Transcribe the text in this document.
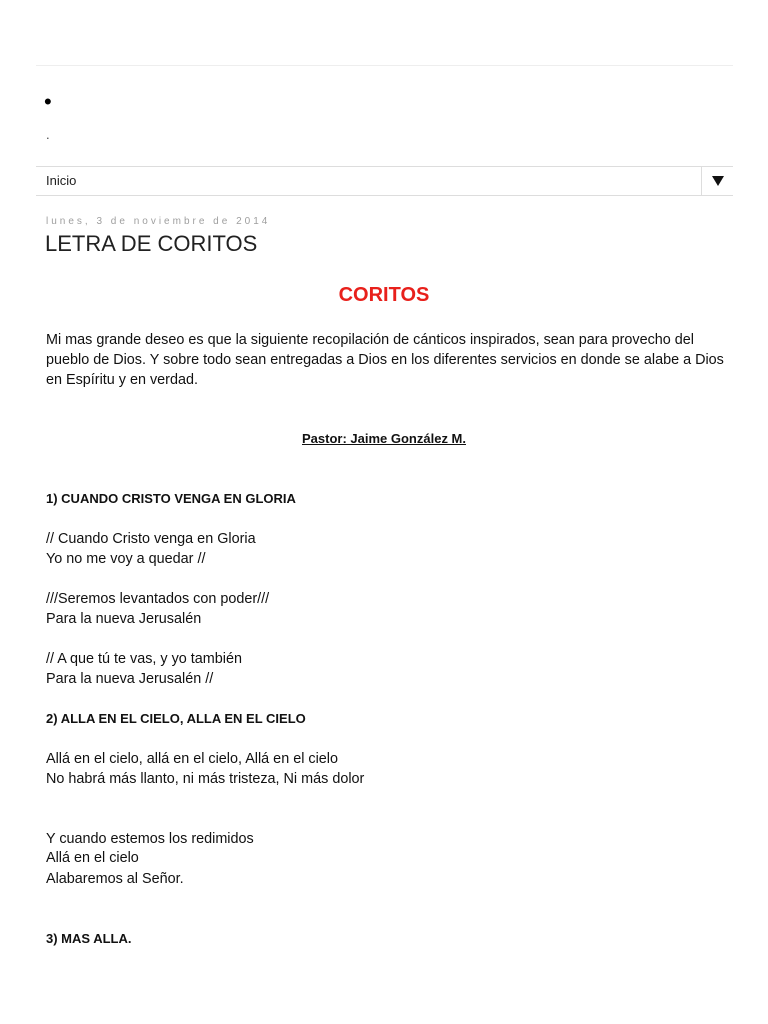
•
.
Inicio
lunes, 3 de noviembre de 2014
LETRA DE CORITOS
CORITOS

Mi mas grande deseo es que la siguiente recopilación de cánticos inspirados, sean para provecho del pueblo de Dios. Y sobre todo sean entregadas a Dios en los diferentes servicios en donde se alabe a Dios en Espíritu y en verdad.

Pastor: Jaime González M.
1) CUANDO CRISTO VENGA EN GLORIA
// Cuando Cristo venga en Gloria
Yo no me voy a quedar //
///Seremos levantados con poder///
Para la nueva Jerusalén
// A que tú te vas, y yo también
Para la nueva Jerusalén //
2) ALLA EN EL CIELO, ALLA EN EL CIELO
Allá en el cielo, allá en el cielo, Allá en el cielo
No habrá más llanto, ni más tristeza, Ni más dolor
Y cuando estemos los redimidos
Allá en el cielo
Alabaremos al Señor.
3) MAS ALLA.
